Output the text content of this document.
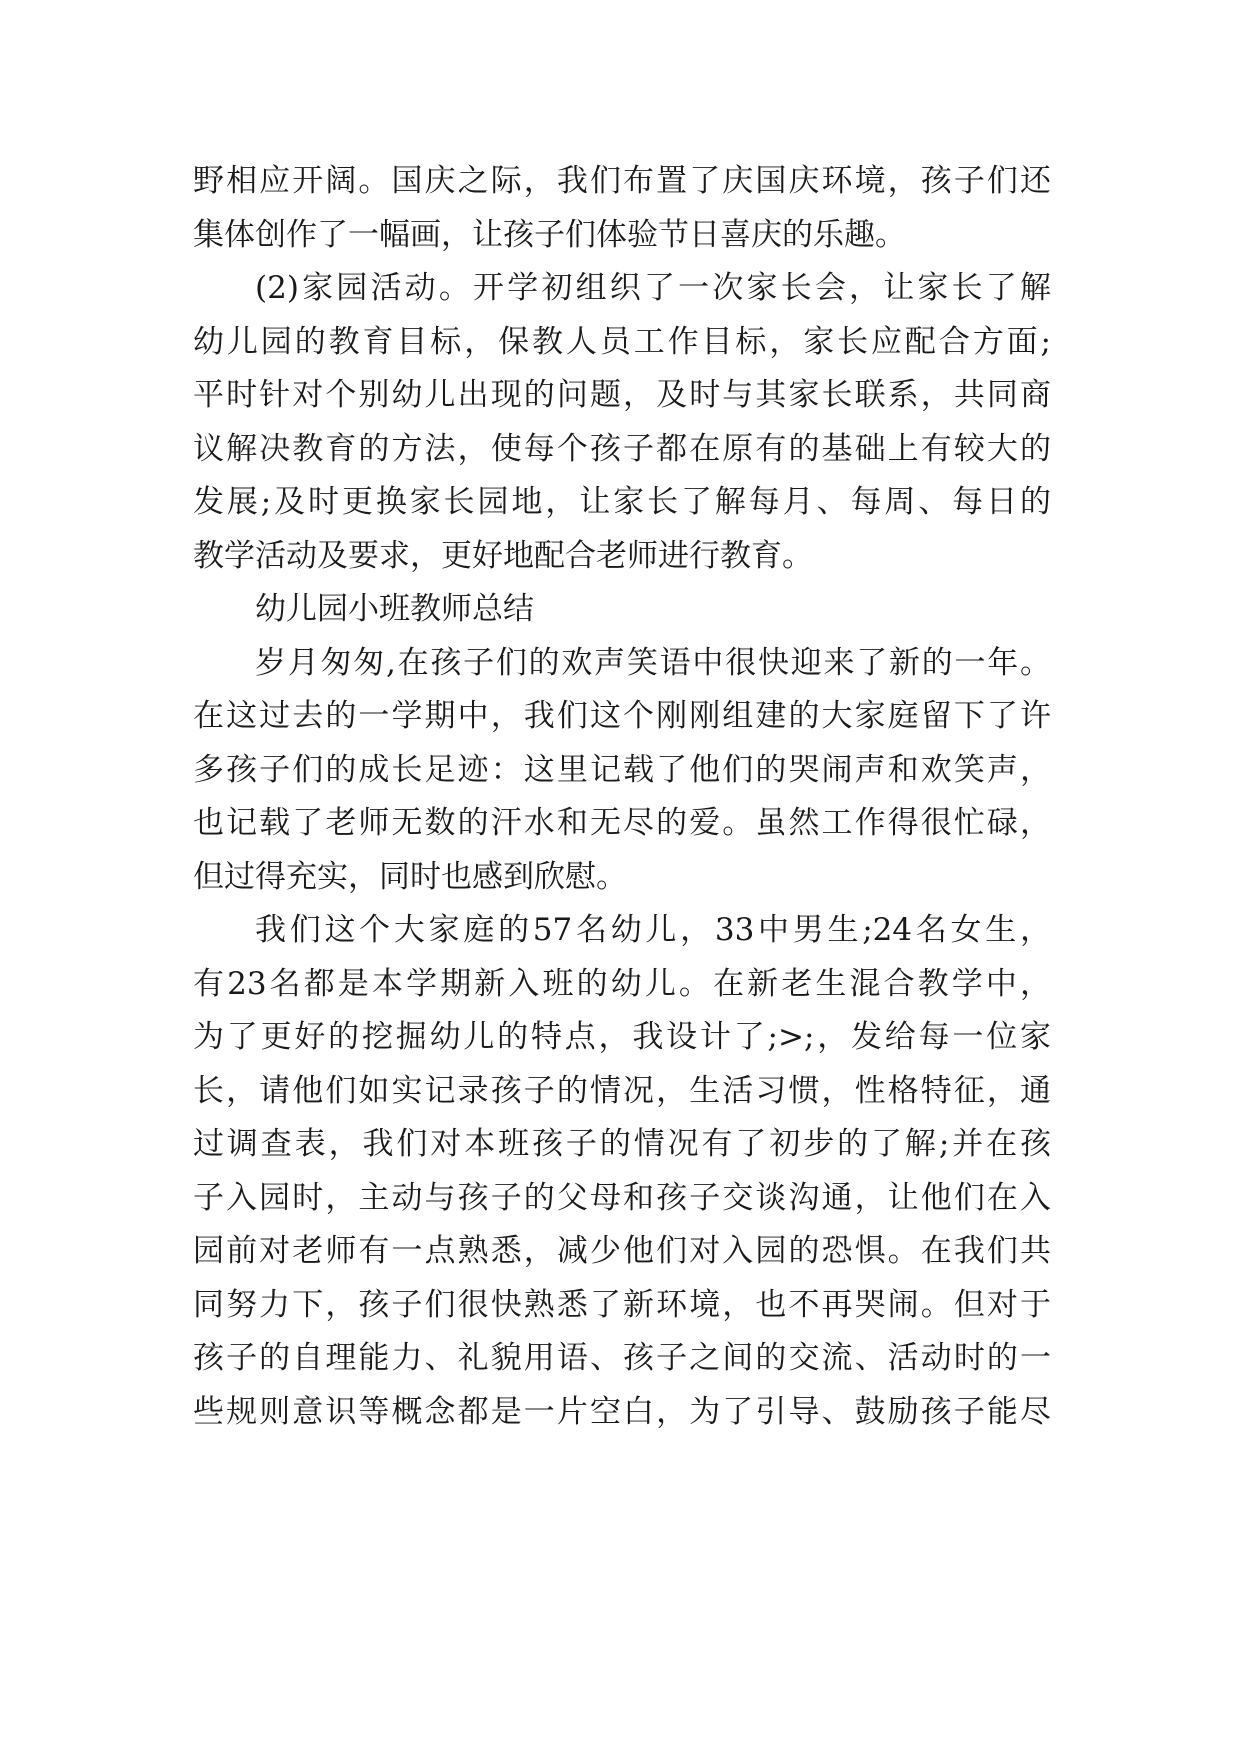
野相应开阔。国庆之际，我们布置了庆国庆环境，孩子们还
集体创作了一幅画，让孩子们体验节日喜庆的乐趣。
(2)家园活动。开学初组织了一次家长会，让家长了解
幼儿园的教育目标，保教人员工作目标，家长应配合方面;
平时针对个别幼儿出现的问题，及时与其家长联系，共同商
议解决教育的方法，使每个孩子都在原有的基础上有较大的
发展;及时更换家长园地，让家长了解每月、每周、每日的
教学活动及要求，更好地配合老师进行教育。
幼儿园小班教师总结
岁月匆匆,在孩子们的欢声笑语中很快迎来了新的一年。
在这过去的一学期中，我们这个刚刚组建的大家庭留下了许
多孩子们的成长足迹：这里记载了他们的哭闹声和欢笑声，
也记载了老师无数的汗水和无尽的爱。虽然工作得很忙碌，
但过得充实，同时也感到欣慰。
我们这个大家庭的57名幼儿，33中男生;24名女生，
有23名都是本学期新入班的幼儿。在新老生混合教学中，
为了更好的挖掘幼儿的特点，我设计了;>;，发给每一位家
长，请他们如实记录孩子的情况，生活习惯，性格特征，通
过调查表，我们对本班孩子的情况有了初步的了解;并在孩
子入园时，主动与孩子的父母和孩子交谈沟通，让他们在入
园前对老师有一点熟悉，减少他们对入园的恐惧。在我们共
同努力下，孩子们很快熟悉了新环境，也不再哭闹。但对于
孩子的自理能力、礼貌用语、孩子之间的交流、活动时的一
些规则意识等概念都是一片空白，为了引导、鼓励孩子能尽
